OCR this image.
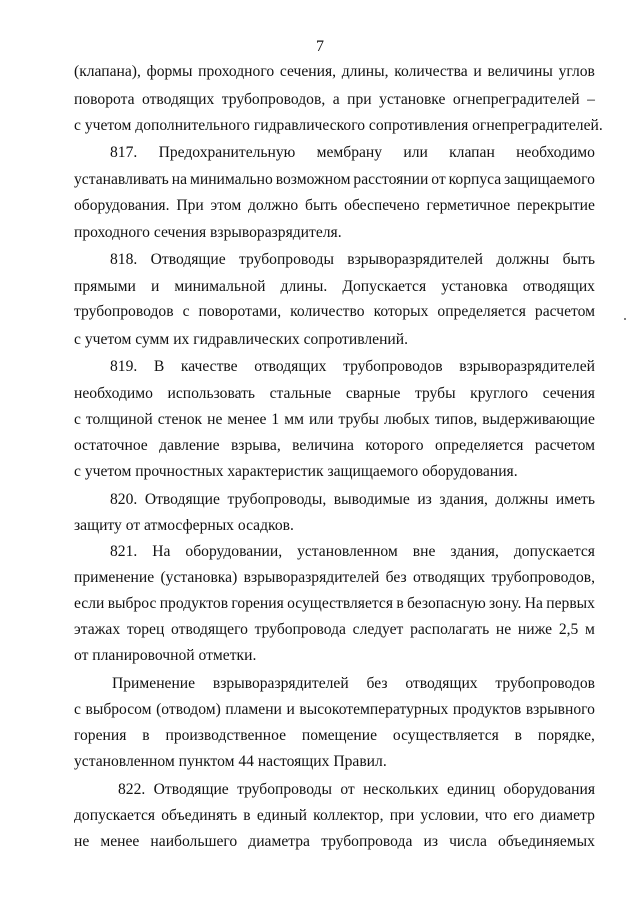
7
(клапана), формы проходного сечения, длины, количества и величины углов
поворота отводящих трубопроводов, а при установке огнепреградителей –
с учетом дополнительного гидравлического сопротивления огнепреградителей.
817. Предохранительную мембрану или клапан необходимо
устанавливать на минимально возможном расстоянии от корпуса защищаемого
оборудования. При этом должно быть обеспечено герметичное перекрытие
проходного сечения взрыворазрядителя.
818. Отводящие трубопроводы взрыворазрядителей должны быть
прямыми и минимальной длины. Допускается установка отводящих
трубопроводов с поворотами, количество которых определяется расчетом
с учетом сумм их гидравлических сопротивлений.
819. В качестве отводящих трубопроводов взрыворазрядителей
необходимо использовать стальные сварные трубы круглого сечения
с толщиной стенок не менее 1 мм или трубы любых типов, выдерживающие
остаточное давление взрыва, величина которого определяется расчетом
с учетом прочностных характеристик защищаемого оборудования.
820. Отводящие трубопроводы, выводимые из здания, должны иметь
защиту от атмосферных осадков.
821. На оборудовании, установленном вне здания, допускается
применение (установка) взрыворазрядителей без отводящих трубопроводов,
если выброс продуктов горения осуществляется в безопасную зону. На первых
этажах торец отводящего трубопровода следует располагать не ниже 2,5 м
от планировочной отметки.
Применение взрыворазрядителей без отводящих трубопроводов
с выбросом (отводом) пламени и высокотемпературных продуктов взрывного
горения в производственное помещение осуществляется в порядке,
установленном пунктом 44 настоящих Правил.
822. Отводящие трубопроводы от нескольких единиц оборудования
допускается объединять в единый коллектор, при условии, что его диаметр
не менее наибольшего диаметра трубопровода из числа объединяемых
